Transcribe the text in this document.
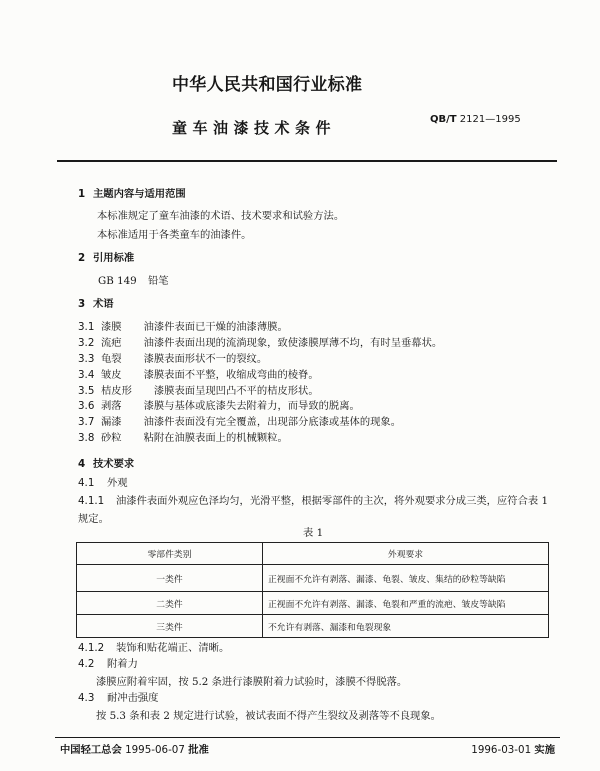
中华人民共和国行业标准
童车油漆技术条件	QB/T 2121—1995
1 主题内容与适用范围
本标准规定了童车油漆的术语、技术要求和试验方法。
本标准适用于各类童车的油漆件。
2 引用标准
GB 149 铅笔
3 术语
3.1 漆膜 油漆件表面已干燥的油漆薄膜。
3.2 流疤 油漆件表面出现的流淌现象，致使漆膜厚薄不均，有时呈垂幕状。
3.3 龟裂 漆膜表面形状不一的裂纹。
3.4 皱皮 漆膜表面不平整，收缩成弯曲的棱脊。
3.5 桔皮形 漆膜表面呈现凹凸不平的桔皮形状。
3.6 剥落 漆膜与基体或底漆失去附着力，而导致的脱离。
3.7 漏漆 油漆件表面没有完全覆盖，出现部分底漆或基体的现象。
3.8 砂粒 粘附在油膜表面上的机械颗粒。
4 技术要求
4.1 外观
4.1.1 油漆件表面外观应色泽均匀，光滑平整，根据零部件的主次，将外观要求分成三类，应符合表 1
规定。
表 1
零部件类别	外观要求
一类件	正视面不允许有剥落、漏漆、龟裂、皱皮、集结的砂粒等缺陷
二类件	正视面不允许有剥落、漏漆、龟裂和严重的流疤、皱皮等缺陷
三类件	不允许有剥落、漏漆和龟裂现象
4.1.2 装饰和贴花端正、清晰。
4.2 附着力
漆膜应附着牢固，按 5.2 条进行漆膜附着力试验时，漆膜不得脱落。
4.3 耐冲击强度
按 5.3 条和表 2 规定进行试验，被试表面不得产生裂纹及剥落等不良现象。
中国轻工总会 1995-06-07 批准	1996-03-01 实施
